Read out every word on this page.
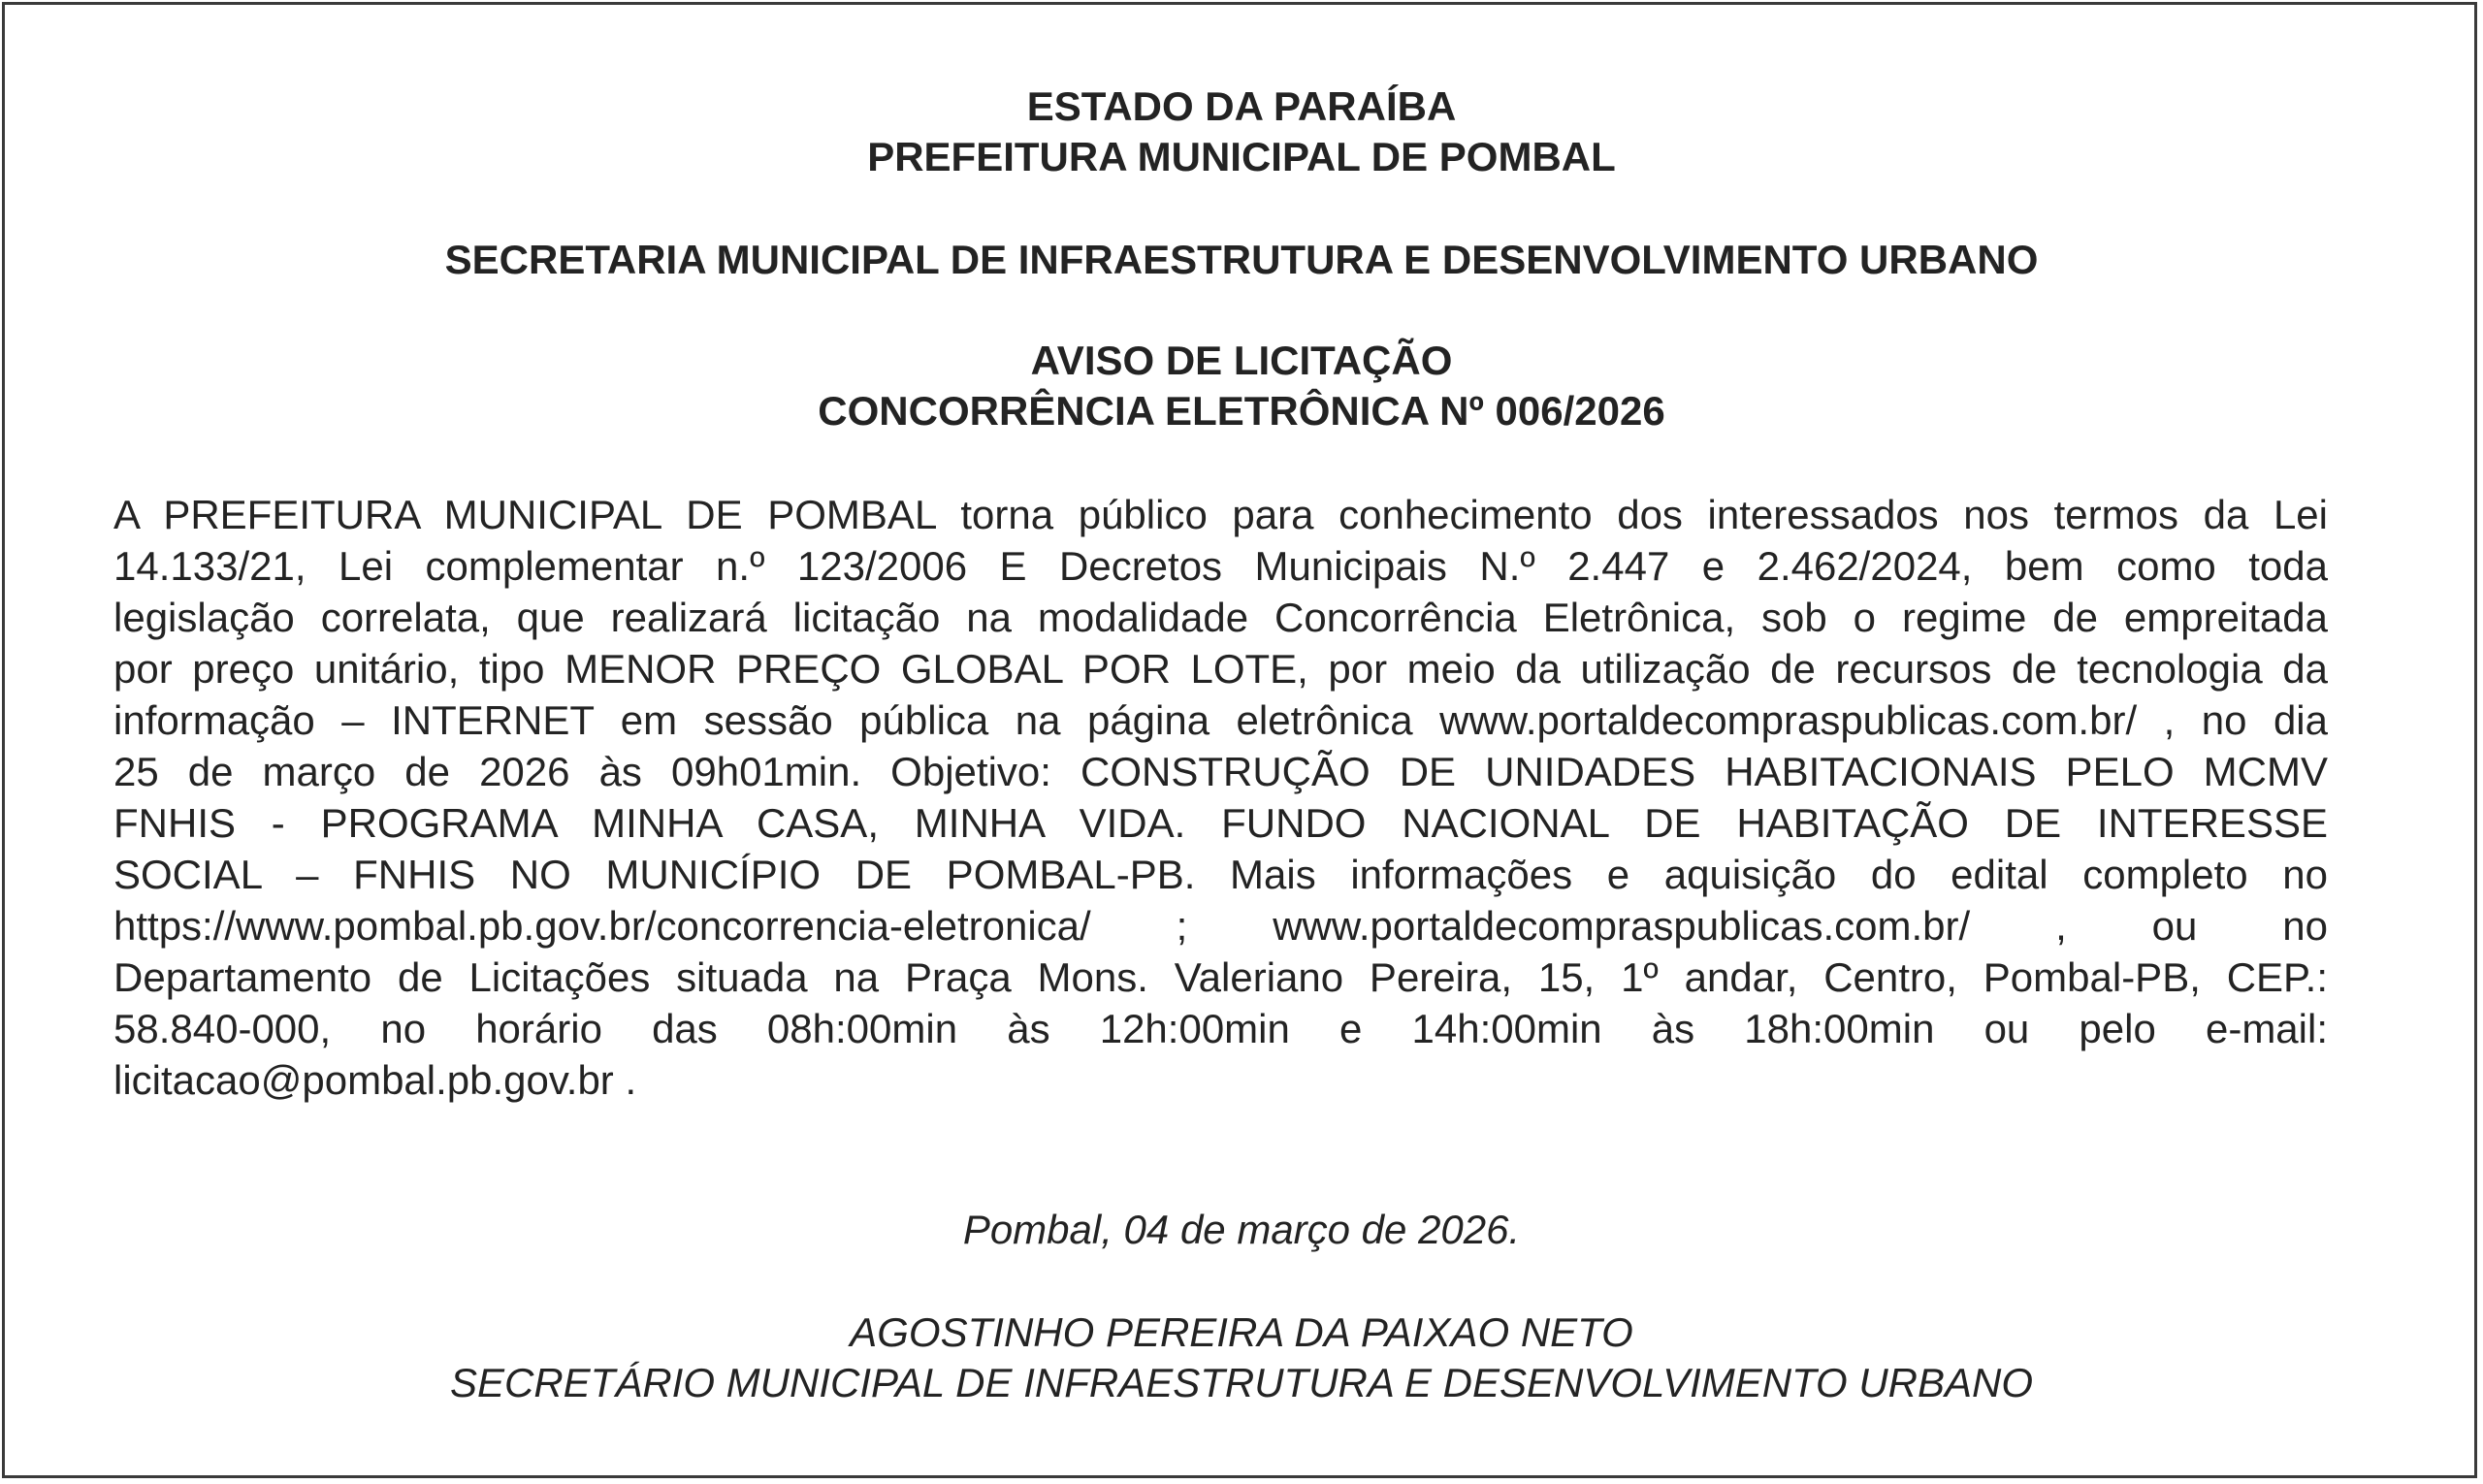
ESTADO DA PARAÍBA
PREFEITURA MUNICIPAL DE POMBAL
SECRETARIA MUNICIPAL DE INFRAESTRUTURA E DESENVOLVIMENTO URBANO
AVISO DE LICITAÇÃO
CONCORRÊNCIA ELETRÔNICA Nº 006/2026
A PREFEITURA MUNICIPAL DE POMBAL torna público para conhecimento dos interessados nos termos da Lei
14.133/21, Lei complementar n.º 123/2006 E Decretos Municipais N.º 2.447 e 2.462/2024, bem como toda
legislação correlata, que realizará licitação na modalidade Concorrência Eletrônica, sob o regime de empreitada
por preço unitário, tipo MENOR PREÇO GLOBAL POR LOTE, por meio da utilização de recursos de tecnologia da
informação – INTERNET em sessão pública na página eletrônica www.portaldecompraspublicas.com.br/ , no dia
25 de março de 2026 às 09h01min. Objetivo: CONSTRUÇÃO DE UNIDADES HABITACIONAIS PELO MCMV
FNHIS - PROGRAMA MINHA CASA, MINHA VIDA. FUNDO NACIONAL DE HABITAÇÃO DE INTERESSE
SOCIAL – FNHIS NO MUNICÍPIO DE POMBAL-PB. Mais informações e aquisição do edital completo no
https://www.pombal.pb.gov.br/concorrencia-eletronica/ ; www.portaldecompraspublicas.com.br/ , ou no
Departamento de Licitações situada na Praça Mons. Valeriano Pereira, 15, 1º andar, Centro, Pombal-PB, CEP.:
58.840-000, no horário das 08h:00min às 12h:00min e 14h:00min às 18h:00min ou pelo e-mail:
licitacao@pombal.pb.gov.br .
Pombal, 04 de março de 2026.
AGOSTINHO PEREIRA DA PAIXAO NETO
SECRETÁRIO MUNICIPAL DE INFRAESTRUTURA E DESENVOLVIMENTO URBANO
